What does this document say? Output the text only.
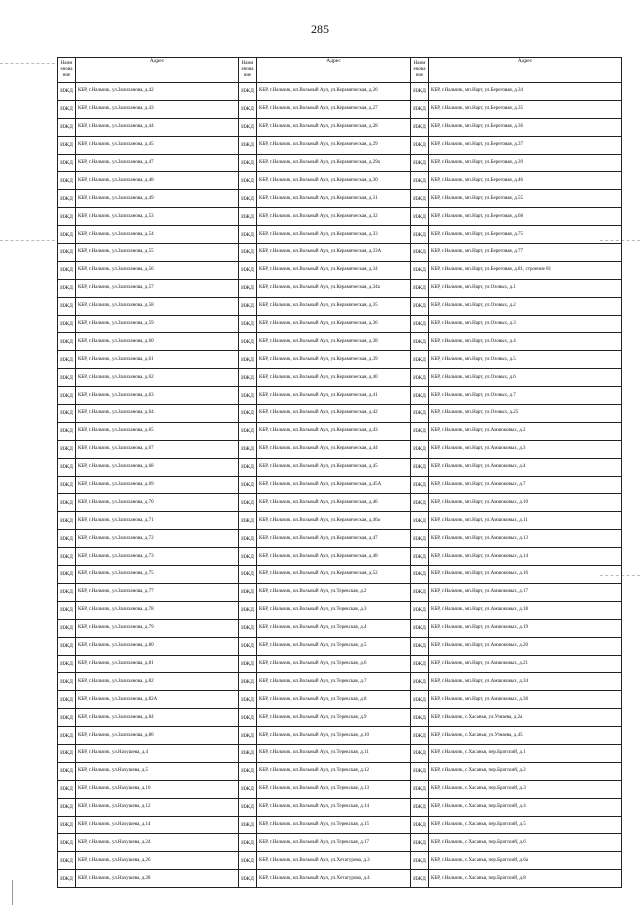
285
Наим енова ние	Адрес	Наим енова ние	Адрес	Наим енова ние	Адрес
ИЖД	КБР, г.Нальчик, ул.Залиханова, д.42	ИЖД	КБР, г.Нальчик, кп.Вольный Аул, ул.Керамическая, д.26	ИЖД	КБР, г.Нальчик, мп.Нарт, ул.Береговая, д.34
ИЖД	КБР, г.Нальчик, ул.Залиханова, д.43	ИЖД	КБР, г.Нальчик, кп.Вольный Аул, ул.Керамическая, д.27	ИЖД	КБР, г.Нальчик, мп.Нарт, ул.Береговая, д.35
ИЖД	КБР, г.Нальчик, ул.Залиханова, д.44	ИЖД	КБР, г.Нальчик, кп.Вольный Аул, ул.Керамическая, д.28	ИЖД	КБР, г.Нальчик, мп.Нарт, ул.Береговая, д.36
ИЖД	КБР, г.Нальчик, ул.Залиханова, д.45	ИЖД	КБР, г.Нальчик, кп.Вольный Аул, ул.Керамическая, д.29	ИЖД	КБР, г.Нальчик, мп.Нарт, ул.Береговая, д.37
ИЖД	КБР, г.Нальчик, ул.Залиханова, д.47	ИЖД	КБР, г.Нальчик, кп.Вольный Аул, ул.Керамическая, д.29а	ИЖД	КБР, г.Нальчик, мп.Нарт, ул.Береговая, д.39
ИЖД	КБР, г.Нальчик, ул.Залиханова, д.48	ИЖД	КБР, г.Нальчик, кп.Вольный Аул, ул.Керамическая, д.30	ИЖД	КБР, г.Нальчик, мп.Нарт, ул.Береговая, д.46
ИЖД	КБР, г.Нальчик, ул.Залиханова, д.49	ИЖД	КБР, г.Нальчик, кп.Вольный Аул, ул.Керамическая, д.31	ИЖД	КБР, г.Нальчик, мп.Нарт, ул.Береговая, д.55
ИЖД	КБР, г.Нальчик, ул.Залиханова, д.53	ИЖД	КБР, г.Нальчик, кп.Вольный Аул, ул.Керамическая, д.32	ИЖД	КБР, г.Нальчик, мп.Нарт, ул.Береговая, д.68
ИЖД	КБР, г.Нальчик, ул.Залиханова, д.54	ИЖД	КБР, г.Нальчик, кп.Вольный Аул, ул.Керамическая, д.33	ИЖД	КБР, г.Нальчик, мп.Нарт, ул.Береговая, д.75
ИЖД	КБР, г.Нальчик, ул.Залиханова, д.55	ИЖД	КБР, г.Нальчик, кп.Вольный Аул, ул.Керамическая, д.33А	ИЖД	КБР, г.Нальчик, мп.Нарт, ул.Береговая, д.77
ИЖД	КБР, г.Нальчик, ул.Залиханова, д.56	ИЖД	КБР, г.Нальчик, кп.Вольный Аул, ул.Керамическая, д.34	ИЖД	КБР, г.Нальчик, мп.Нарт, ул.Береговая, д.81, строение 81
ИЖД	КБР, г.Нальчик, ул.Залиханова, д.57	ИЖД	КБР, г.Нальчик, кп.Вольный Аул, ул.Керамическая, д.34а	ИЖД	КБР, г.Нальчик, мп.Нарт, ул.Озовых, д.1
ИЖД	КБР, г.Нальчик, ул.Залиханова, д.58	ИЖД	КБР, г.Нальчик, кп.Вольный Аул, ул.Керамическая, д.35	ИЖД	КБР, г.Нальчик, мп.Нарт, ул.Озовых, д.2
ИЖД	КБР, г.Нальчик, ул.Залиханова, д.59	ИЖД	КБР, г.Нальчик, кп.Вольный Аул, ул.Керамическая, д.36	ИЖД	КБР, г.Нальчик, мп.Нарт, ул.Озовых, д.3
ИЖД	КБР, г.Нальчик, ул.Залиханова, д.60	ИЖД	КБР, г.Нальчик, кп.Вольный Аул, ул.Керамическая, д.38	ИЖД	КБР, г.Нальчик, мп.Нарт, ул.Озовых, д.4
ИЖД	КБР, г.Нальчик, ул.Залиханова, д.61	ИЖД	КБР, г.Нальчик, кп.Вольный Аул, ул.Керамическая, д.39	ИЖД	КБР, г.Нальчик, мп.Нарт, ул.Озовых, д.5
ИЖД	КБР, г.Нальчик, ул.Залиханова, д.62	ИЖД	КБР, г.Нальчик, кп.Вольный Аул, ул.Керамическая, д.40	ИЖД	КБР, г.Нальчик, мп.Нарт, ул.Озовых, д.6
ИЖД	КБР, г.Нальчик, ул.Залиханова, д.63	ИЖД	КБР, г.Нальчик, кп.Вольный Аул, ул.Керамическая, д.41	ИЖД	КБР, г.Нальчик, мп.Нарт, ул.Озовых, д.7
ИЖД	КБР, г.Нальчик, ул.Залиханова, д.64	ИЖД	КБР, г.Нальчик, кп.Вольный Аул, ул.Керамическая, д.42	ИЖД	КБР, г.Нальчик, мп.Нарт, ул.Озовых, д.25
ИЖД	КБР, г.Нальчик, ул.Залиханова, д.65	ИЖД	КБР, г.Нальчик, кп.Вольный Аул, ул.Керамическая, д.43	ИЖД	КБР, г.Нальчик, мп.Нарт, ул.Амшоковых, д.2
ИЖД	КБР, г.Нальчик, ул.Залиханова, д.67	ИЖД	КБР, г.Нальчик, кп.Вольный Аул, ул.Керамическая, д.44	ИЖД	КБР, г.Нальчик, мп.Нарт, ул.Амшоковых, д.3
ИЖД	КБР, г.Нальчик, ул.Залиханова, д.68	ИЖД	КБР, г.Нальчик, кп.Вольный Аул, ул.Керамическая, д.45	ИЖД	КБР, г.Нальчик, мп.Нарт, ул.Амшоковых, д.4
ИЖД	КБР, г.Нальчик, ул.Залиханова, д.69	ИЖД	КБР, г.Нальчик, кп.Вольный Аул, ул.Керамическая, д.45А	ИЖД	КБР, г.Нальчик, мп.Нарт, ул.Амшоковых, д.7
ИЖД	КБР, г.Нальчик, ул.Залиханова, д.70	ИЖД	КБР, г.Нальчик, кп.Вольный Аул, ул.Керамическая, д.46	ИЖД	КБР, г.Нальчик, мп.Нарт, ул.Амшоковых, д.10
ИЖД	КБР, г.Нальчик, ул.Залиханова, д.71	ИЖД	КБР, г.Нальчик, кп.Вольный Аул, ул.Керамическая, д.46а	ИЖД	КБР, г.Нальчик, мп.Нарт, ул.Амшоковых, д.11
ИЖД	КБР, г.Нальчик, ул.Залиханова, д.72	ИЖД	КБР, г.Нальчик, кп.Вольный Аул, ул.Керамическая, д.47	ИЖД	КБР, г.Нальчик, мп.Нарт, ул.Амшоковых, д.13
ИЖД	КБР, г.Нальчик, ул.Залиханова, д.73	ИЖД	КБР, г.Нальчик, кп.Вольный Аул, ул.Керамическая, д.48	ИЖД	КБР, г.Нальчик, мп.Нарт, ул.Амшоковых, д.14
ИЖД	КБР, г.Нальчик, ул.Залиханова, д.75	ИЖД	КБР, г.Нальчик, кп.Вольный Аул, ул.Керамическая, д.52	ИЖД	КБР, г.Нальчик, мп.Нарт, ул.Амшоковых, д.16
ИЖД	КБР, г.Нальчик, ул.Залиханова, д.77	ИЖД	КБР, г.Нальчик, кп.Вольный Аул, ул.Терекская, д.2	ИЖД	КБР, г.Нальчик, мп.Нарт, ул.Амшоковых, д.17
ИЖД	КБР, г.Нальчик, ул.Залиханова, д.78	ИЖД	КБР, г.Нальчик, кп.Вольный Аул, ул.Терекская, д.3	ИЖД	КБР, г.Нальчик, мп.Нарт, ул.Амшоковых, д.18
ИЖД	КБР, г.Нальчик, ул.Залиханова, д.79	ИЖД	КБР, г.Нальчик, кп.Вольный Аул, ул.Терекская, д.4	ИЖД	КБР, г.Нальчик, мп.Нарт, ул.Амшоковых, д.19
ИЖД	КБР, г.Нальчик, ул.Залиханова, д.80	ИЖД	КБР, г.Нальчик, кп.Вольный Аул, ул.Терекская, д.5	ИЖД	КБР, г.Нальчик, мп.Нарт, ул.Амшоковых, д.20
ИЖД	КБР, г.Нальчик, ул.Залиханова, д.81	ИЖД	КБР, г.Нальчик, кп.Вольный Аул, ул.Терекская, д.6	ИЖД	КБР, г.Нальчик, мп.Нарт, ул.Амшоковых, д.21
ИЖД	КБР, г.Нальчик, ул.Залиханова, д.82	ИЖД	КБР, г.Нальчик, кп.Вольный Аул, ул.Терекская, д.7	ИЖД	КБР, г.Нальчик, мп.Нарт, ул.Амшоковых, д.34
ИЖД	КБР, г.Нальчик, ул.Залиханова, д.82А	ИЖД	КБР, г.Нальчик, кп.Вольный Аул, ул.Терекская, д.8	ИЖД	КБР, г.Нальчик, мп.Нарт, ул.Амшоковых, д.38
ИЖД	КБР, г.Нальчик, ул.Залиханова, д.84	ИЖД	КБР, г.Нальчик, кп.Вольный Аул, ул.Терекская, д.9	ИЖД	КБР, г.Нальчик, с.Хасанья, ул.Узнаева, д.2а
ИЖД	КБР, г.Нальчик, ул.Залиханова, д.86	ИЖД	КБР, г.Нальчик, кп.Вольный Аул, ул.Терекская, д.10	ИЖД	КБР, г.Нальчик, с.Хасанья, ул.Узнаева, д.45
ИЖД	КБР, г.Нальчик, ул.Нахушева, д.4	ИЖД	КБР, г.Нальчик, кп.Вольный Аул, ул.Терекская, д.11	ИЖД	КБР, г.Нальчик, с.Хасанья, пер.Братский, д.1
ИЖД	КБР, г.Нальчик, ул.Нахушева, д.5	ИЖД	КБР, г.Нальчик, кп.Вольный Аул, ул.Терекская, д.12	ИЖД	КБР, г.Нальчик, с.Хасанья, пер.Братский, д.2
ИЖД	КБР, г.Нальчик, ул.Нахушева, д.10	ИЖД	КБР, г.Нальчик, кп.Вольный Аул, ул.Терекская, д.13	ИЖД	КБР, г.Нальчик, с.Хасанья, пер.Братский, д.3
ИЖД	КБР, г.Нальчик, ул.Нахушева, д.12	ИЖД	КБР, г.Нальчик, кп.Вольный Аул, ул.Терекская, д.14	ИЖД	КБР, г.Нальчик, с.Хасанья, пер.Братский, д.4
ИЖД	КБР, г.Нальчик, ул.Нахушева, д.14	ИЖД	КБР, г.Нальчик, кп.Вольный Аул, ул.Терекская, д.15	ИЖД	КБР, г.Нальчик, с.Хасанья, пер.Братский, д.5
ИЖД	КБР, г.Нальчик, ул.Нахушева, д.24	ИЖД	КБР, г.Нальчик, кп.Вольный Аул, ул.Терекская, д.17	ИЖД	КБР, г.Нальчик, с.Хасанья, пер.Братский, д.6
ИЖД	КБР, г.Нальчик, ул.Нахушева, д.26	ИЖД	КБР, г.Нальчик, кп.Вольный Аул, ул.Хетагурова, д.3	ИЖД	КБР, г.Нальчик, с.Хасанья, пер.Братский, д.6а
ИЖД	КБР, г.Нальчик, ул.Нахушева, д.28	ИЖД	КБР, г.Нальчик, кп.Вольный Аул, ул.Хетагурова, д.4	ИЖД	КБР, г.Нальчик, с.Хасанья, пер.Братский, д.8
